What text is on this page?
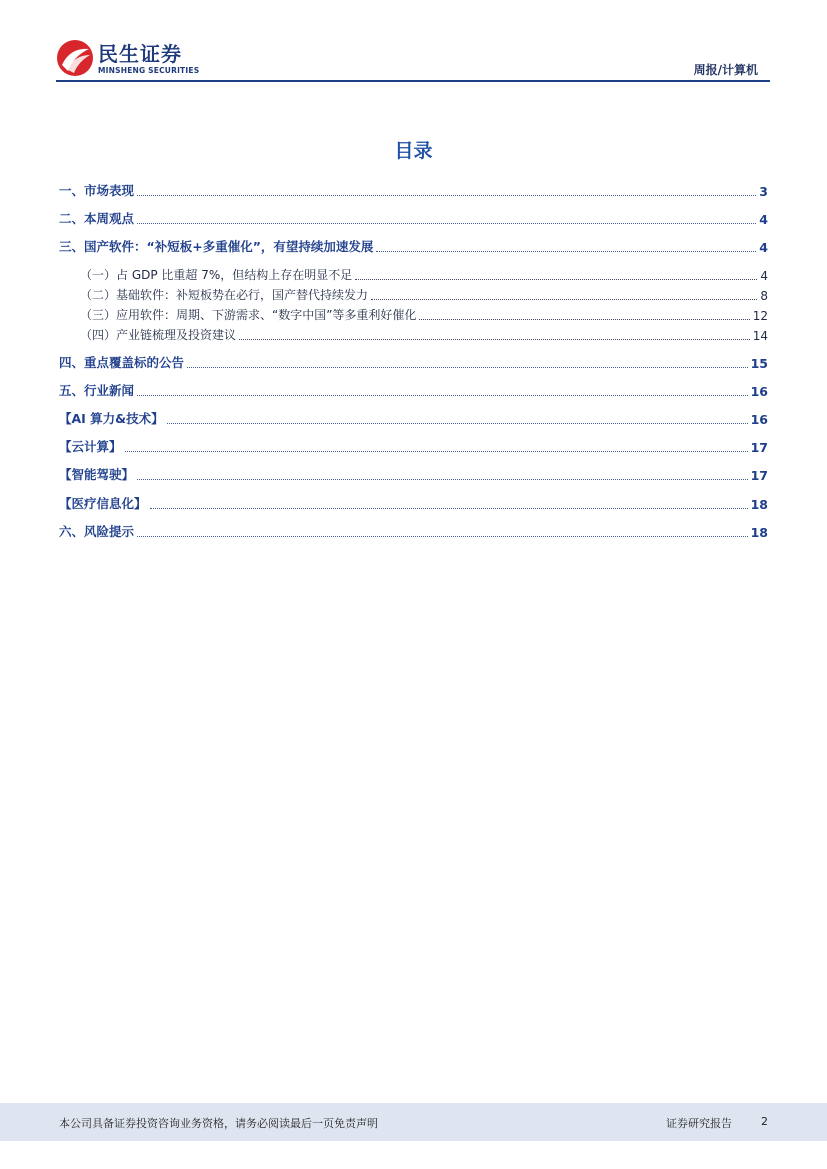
民生证券
MINSHENG SECURITIES	周报/计算机
目录
一、市场表现	3
二、本周观点	4
三、国产软件：“补短板+多重催化”，有望持续加速发展	4
（一）占 GDP 比重超 7%，但结构上存在明显不足	4
（二）基础软件：补短板势在必行，国产替代持续发力	8
（三）应用软件：周期、下游需求、“数字中国”等多重利好催化	12
（四）产业链梳理及投资建议	14
四、重点覆盖标的公告	15
五、行业新闻	16
【AI 算力&技术】	16
【云计算】	17
【智能驾驶】	17
【医疗信息化】	18
六、风险提示	18
本公司具备证券投资咨询业务资格，请务必阅读最后一页免责声明	证券研究报告	2
